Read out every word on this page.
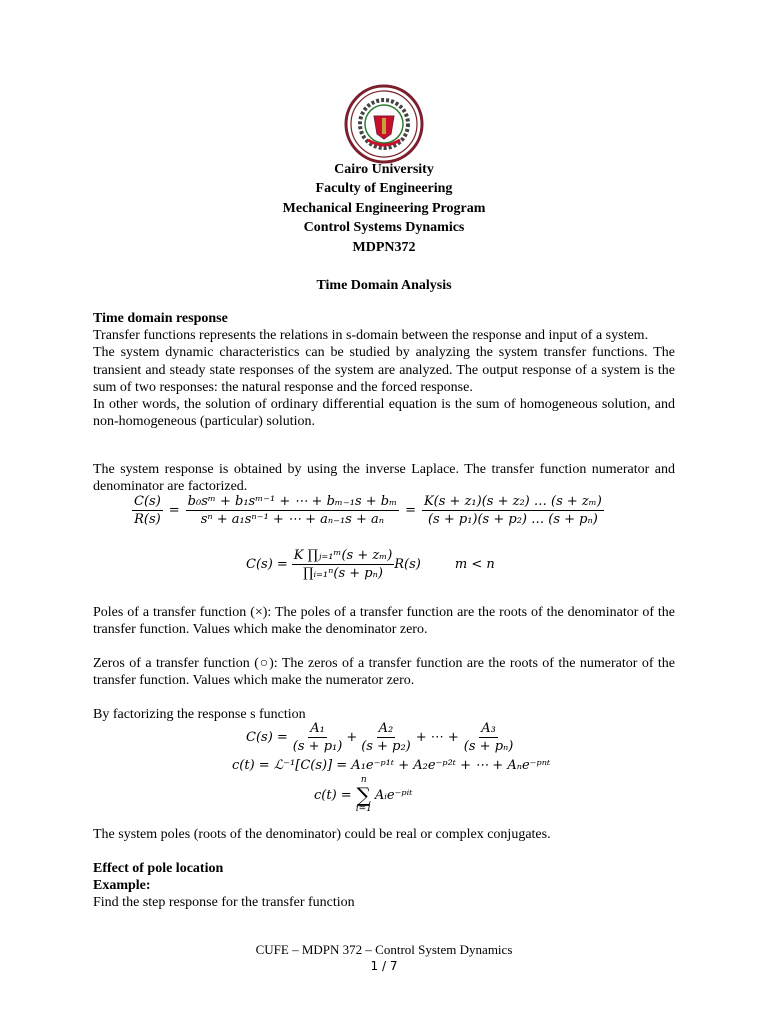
Cairo University
Faculty of Engineering
Mechanical Engineering Program
Control Systems Dynamics
MDPN372
Time Domain Analysis

Time domain response

Transfer functions represents the relations in s-domain between the response and input of a system.

The system dynamic characteristics can be studied by analyzing the system transfer functions. The transient and steady state responses of the system are analyzed. The output response of a system is the sum of two responses: the natural response and the forced response.

In other words, the solution of ordinary differential equation is the sum of homogeneous solution, and non-homogeneous (particular) solution.

The system response is obtained by using the inverse Laplace. The transfer function numerator and denominator are factorized.

$\frac{C(s)}{R(s)} = \frac{\text{b₀sᵐ + b₁sᵐ⁻¹ + ⋯ + bₘ₋₁s + bₘ}}{\text{sⁿ + a₁sⁿ⁻¹ + ⋯ + aₙ₋₁s + aₙ}} = \frac{\text{K(s + z₁)(s + z₂) … (s + zₘ)}}{\text{(s + p₁)(s + p₂) … (s + pₙ)}}$
$C(s) = \frac{\text{K ∏ⱼ₌₁ᵐ(s + zₘ)}}{\text{∏ᵢ₌₁ⁿ(s + pₙ)}} R(s)$	m < n

Poles of a transfer function (×): The poles of a transfer function are the roots of the denominator of the transfer function. Values which make the denominator zero.

Zeros of a transfer function (○): The zeros of a transfer function are the roots of the numerator of the transfer function. Values which make the numerator zero.

By factorizing the response s function

$C(s) = \frac{\text{A₁}}{\text{(s + p₁)}} + \frac{\text{A₂}}{\text{(s + p₂)}}$ + ⋯ + $\frac{\text{A₃}}{\text{(s + pₙ)}}$
c(t) = ℒ⁻¹[C(s)] = A₁e⁻ᵖ¹ᵗ + A₂e⁻ᵖ²ᵗ + ⋯ + Aₙe⁻ᵖⁿᵗ
c(t) =
n
∑
i=1
Aᵢe⁻ᵖⁱᵗ

The system poles (roots of the denominator) could be real or complex conjugates.

Effect of pole location

Example:

Find the step response for the transfer function

CUFE – MDPN 372 – Control System Dynamics
1 / 7
